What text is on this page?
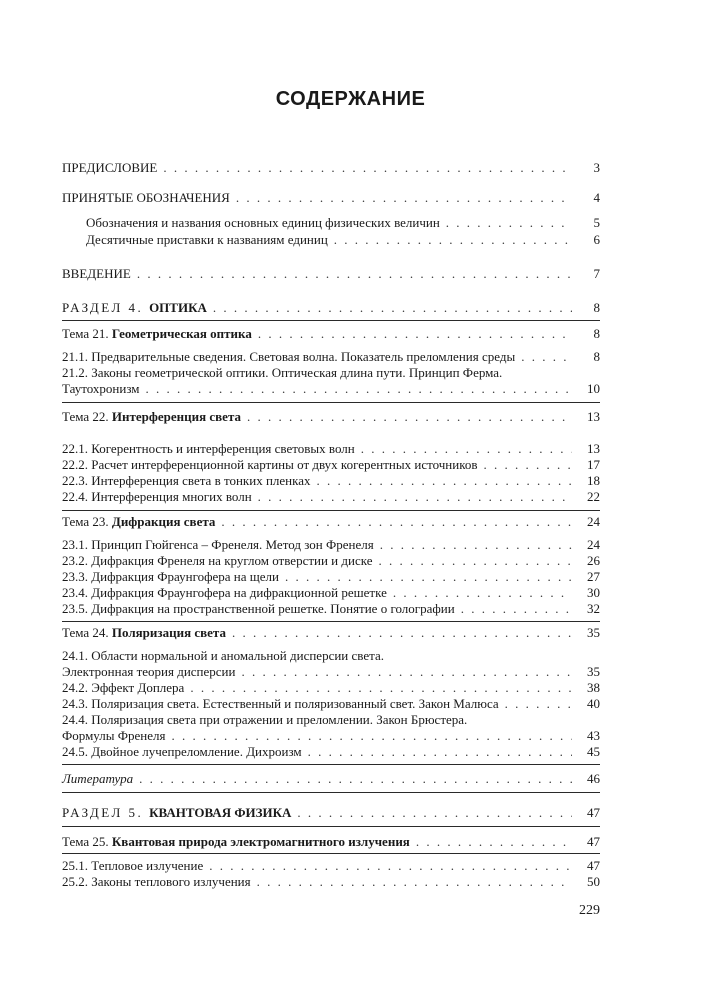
СОДЕРЖАНИЕ
ПРЕДИСЛОВИЕ . . .	3
ПРИНЯТЫЕ ОБОЗНАЧЕНИЯ . . .	4
Обозначения и названия основных единиц физических величин . . .	5
Десятичные приставки к названиям единиц . . .	6
ВВЕДЕНИЕ . . .	7
РАЗДЕЛ 4. ОПТИКА . . .	8
Тема 21. Геометрическая оптика . . .	8
21.1. Предварительные сведения. Световая волна. Показатель преломления среды . . .	8
21.2. Законы геометрической оптики. Оптическая длина пути. Принцип Ферма.
Таутохронизм . . .	10
Тема 22. Интерференция света . . .	13
22.1. Когерентность и интерференция световых волн . . .	13
22.2. Расчет интерференционной картины от двух когерентных источников . . .	17
22.3. Интерференция света в тонких пленках . . .	18
22.4. Интерференция многих волн . . .	22
Тема 23. Дифракция света . . .	24
23.1. Принцип Гюйгенса – Френеля. Метод зон Френеля . . .	24
23.2. Дифракция Френеля на круглом отверстии и диске . . .	26
23.3. Дифракция Фраунгофера на щели . . .	27
23.4. Дифракция Фраунгофера на дифракционной решетке . . .	30
23.5. Дифракция на пространственной решетке. Понятие о голографии . . .	32
Тема 24. Поляризация света . . .	35
24.1. Области нормальной и аномальной дисперсии света.
Электронная теория дисперсии . . .	35
24.2. Эффект Доплера . . .	38
24.3. Поляризация света. Естественный и поляризованный свет. Закон Малюса . . .	40
24.4. Поляризация света при отражении и преломлении. Закон Брюстера.
Формулы Френеля . . .	43
24.5. Двойное лучепреломление. Дихроизм . . .	45
Литература . . .	46
РАЗДЕЛ 5. КВАНТОВАЯ ФИЗИКА . . .	47
Тема 25. Квантовая природа электромагнитного излучения . . .	47
25.1. Тепловое излучение . . .	47
25.2. Законы теплового излучения . . .	50
229
